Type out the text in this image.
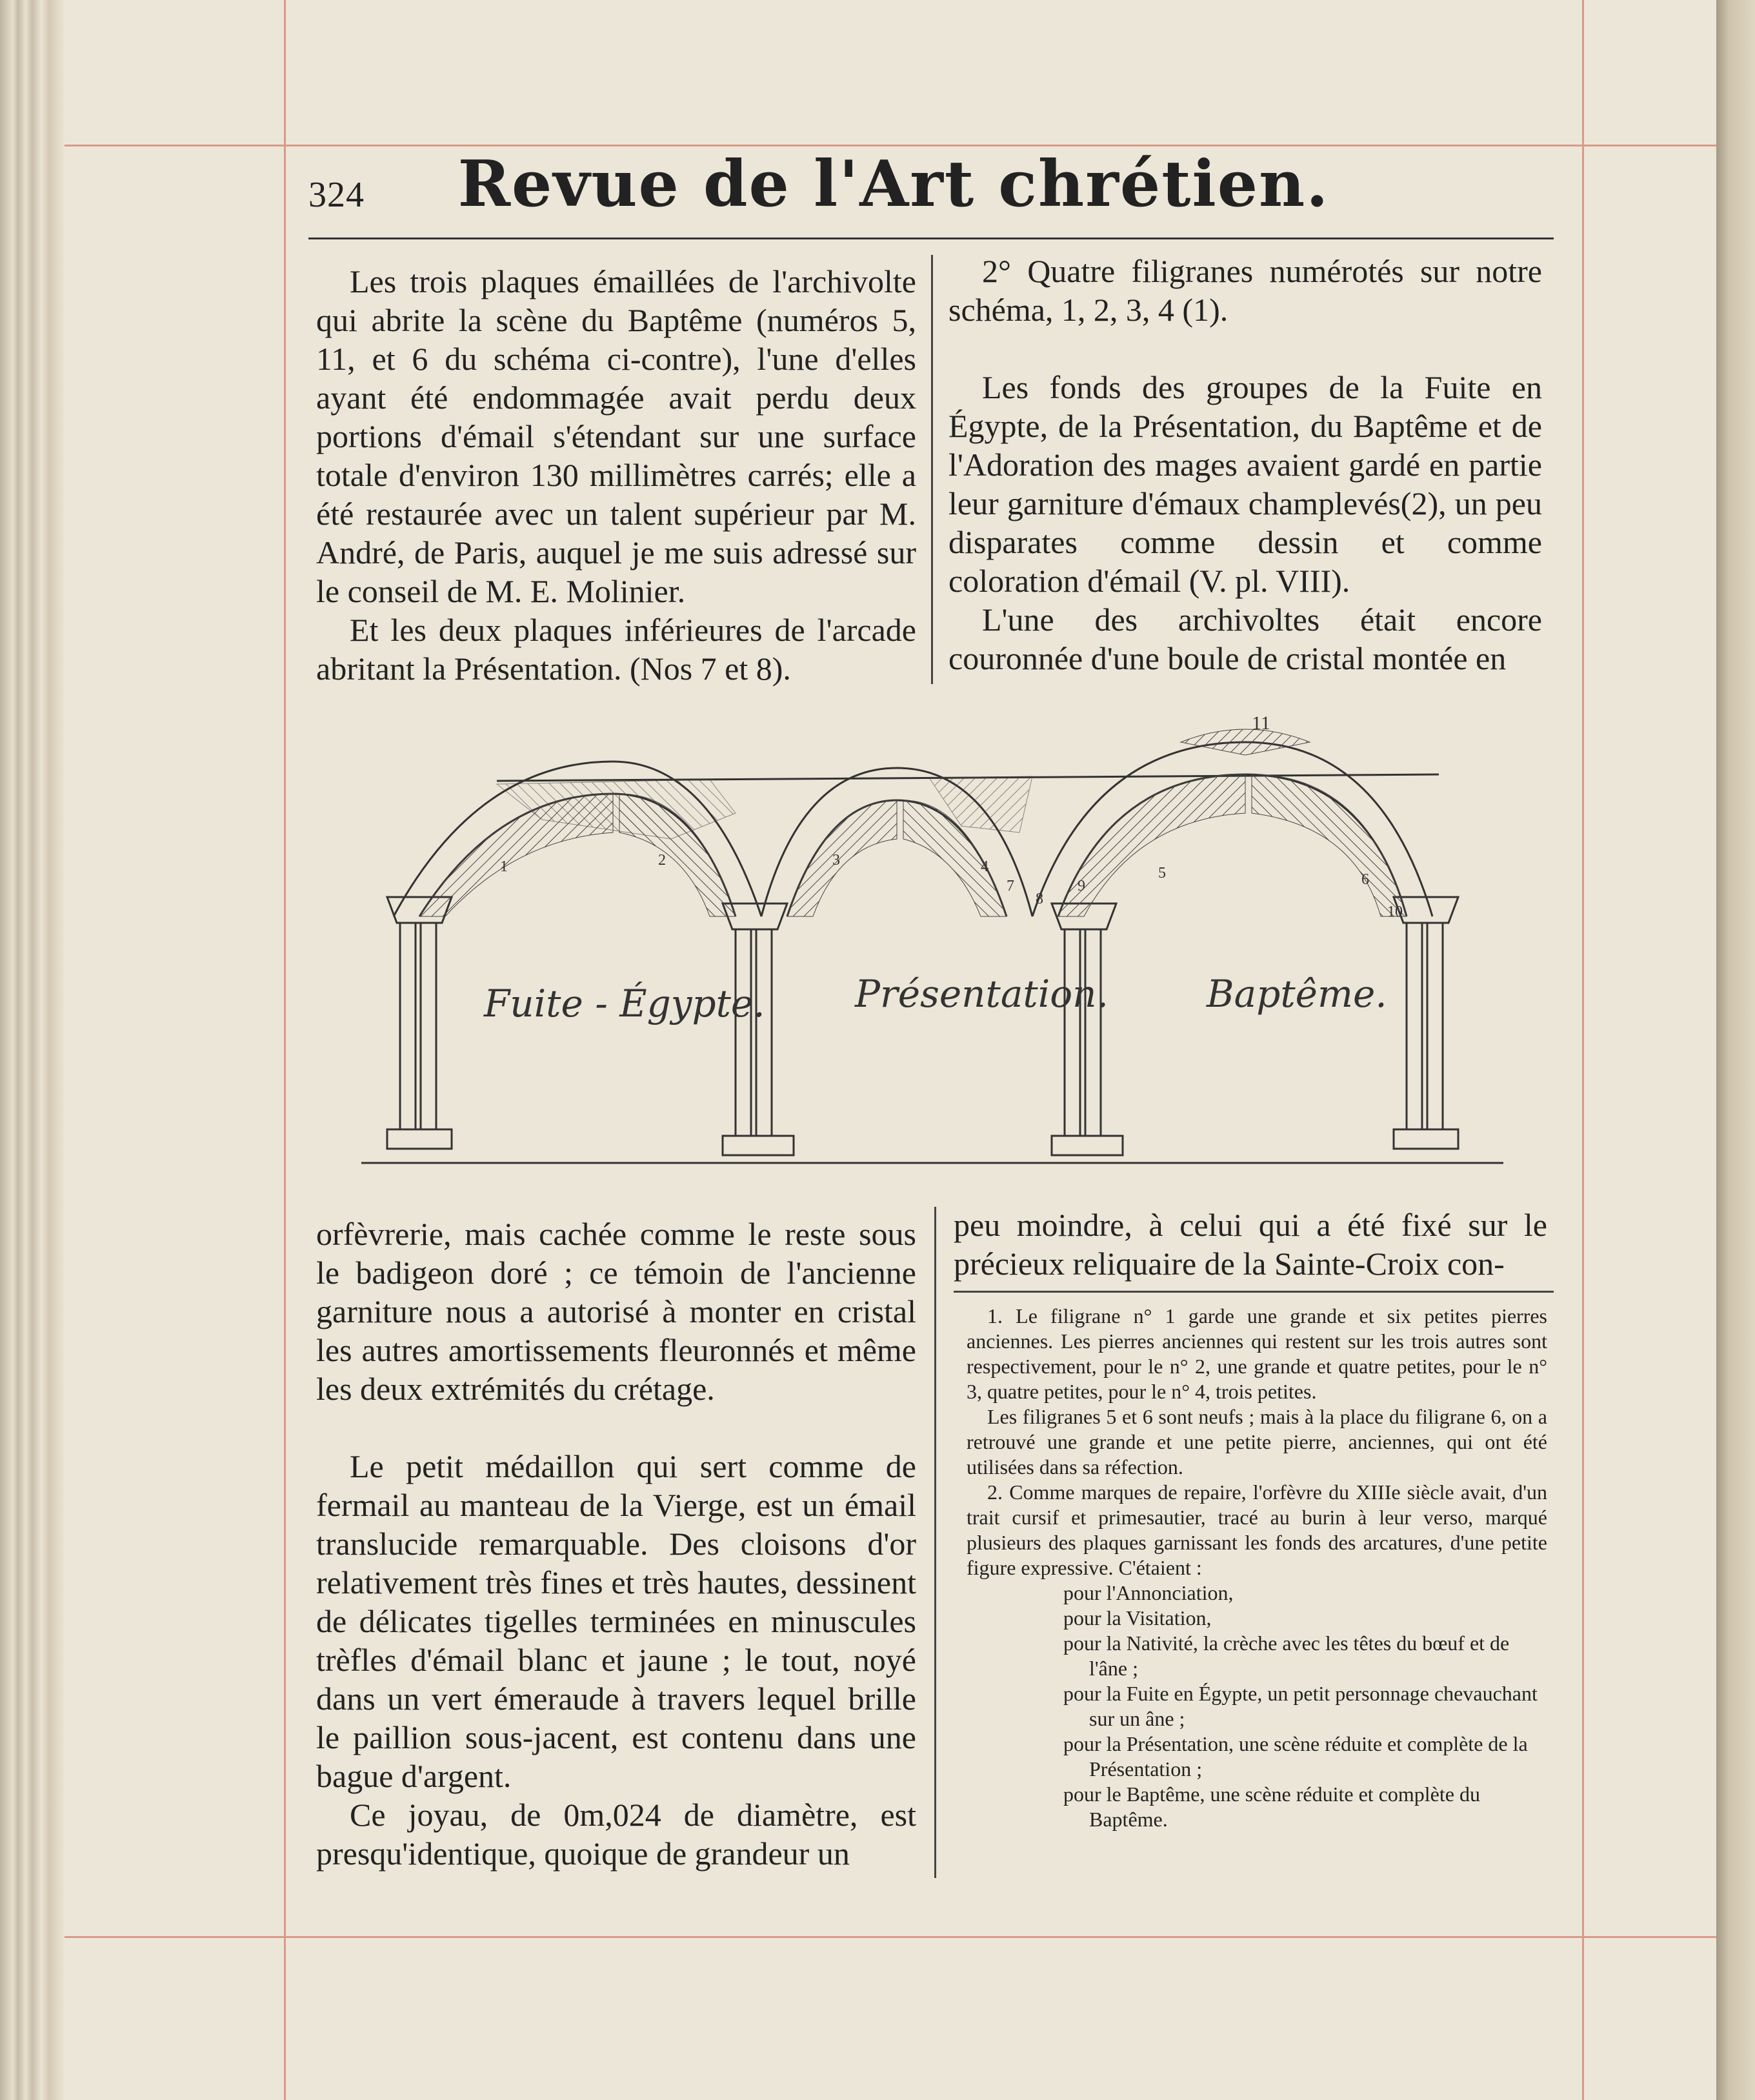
324	Revue de l'Art chrétien.

Les trois plaques émaillées de l'archivolte qui abrite la scène du Baptême (numéros 5, 11, et 6 du schéma ci-contre), l'une d'elles ayant été endommagée avait perdu deux portions d'émail s'étendant sur une surface totale d'environ 130 millimètres carrés; elle a été restaurée avec un talent supérieur par M. André, de Paris, auquel je me suis adressé sur le conseil de M. E. Molinier.

Et les deux plaques inférieures de l'arcade abritant la Présentation. (Nos 7 et 8).

2° Quatre filigranes numérotés sur notre schéma, 1, 2, 3, 4 (1).

Les fonds des groupes de la Fuite en Égypte, de la Présentation, du Baptême et de l'Adoration des mages avaient gardé en partie leur garniture d'émaux champlevés(2), un peu disparates comme dessin et comme coloration d'émail (V. pl. VIII).

L'une des archivoltes était encore couronnée d'une boule de cristal montée en

Fuite - Égypte. Présentation.	Baptême.
11
1	2	3	4	5	6
7
8
9
10

orfèvrerie, mais cachée comme le reste sous le badigeon doré ; ce témoin de l'ancienne garniture nous a autorisé à monter en cristal les autres amortissements fleuronnés et même les deux extrémités du crétage.

Le petit médaillon qui sert comme de fermail au manteau de la Vierge, est un émail translucide remarquable. Des cloisons d'or relativement très fines et très hautes, dessinent de délicates tigelles terminées en minuscules trèfles d'émail blanc et jaune ; le tout, noyé dans un vert émeraude à travers lequel brille le paillion sous-jacent, est contenu dans une bague d'argent.

Ce joyau, de 0m,024 de diamètre, est presqu'identique, quoique de grandeur un

peu moindre, à celui qui a été fixé sur le précieux reliquaire de la Sainte-Croix con-

1. Le filigrane n° 1 garde une grande et six petites pierres anciennes. Les pierres anciennes qui restent sur les trois autres sont respectivement, pour le n° 2, une grande et quatre petites, pour le n° 3, quatre petites, pour le n° 4, trois petites.

Les filigranes 5 et 6 sont neufs ; mais à la place du filigrane 6, on a retrouvé une grande et une petite pierre, anciennes, qui ont été utilisées dans sa réfection.

2. Comme marques de repaire, l'orfèvre du XIIIe siècle avait, d'un trait cursif et primesautier, tracé au burin à leur verso, marqué plusieurs des plaques garnissant les fonds des arcatures, d'une petite figure expressive. C'étaient :

pour l'Annonciation,
pour la Visitation,
pour la Nativité, la crèche avec les têtes du bœuf et de l'âne ;
pour la Fuite en Égypte, un petit personnage chevauchant sur un âne ;
pour la Présentation, une scène réduite et complète de la Présentation ;
pour le Baptême, une scène réduite et complète du Baptême.
